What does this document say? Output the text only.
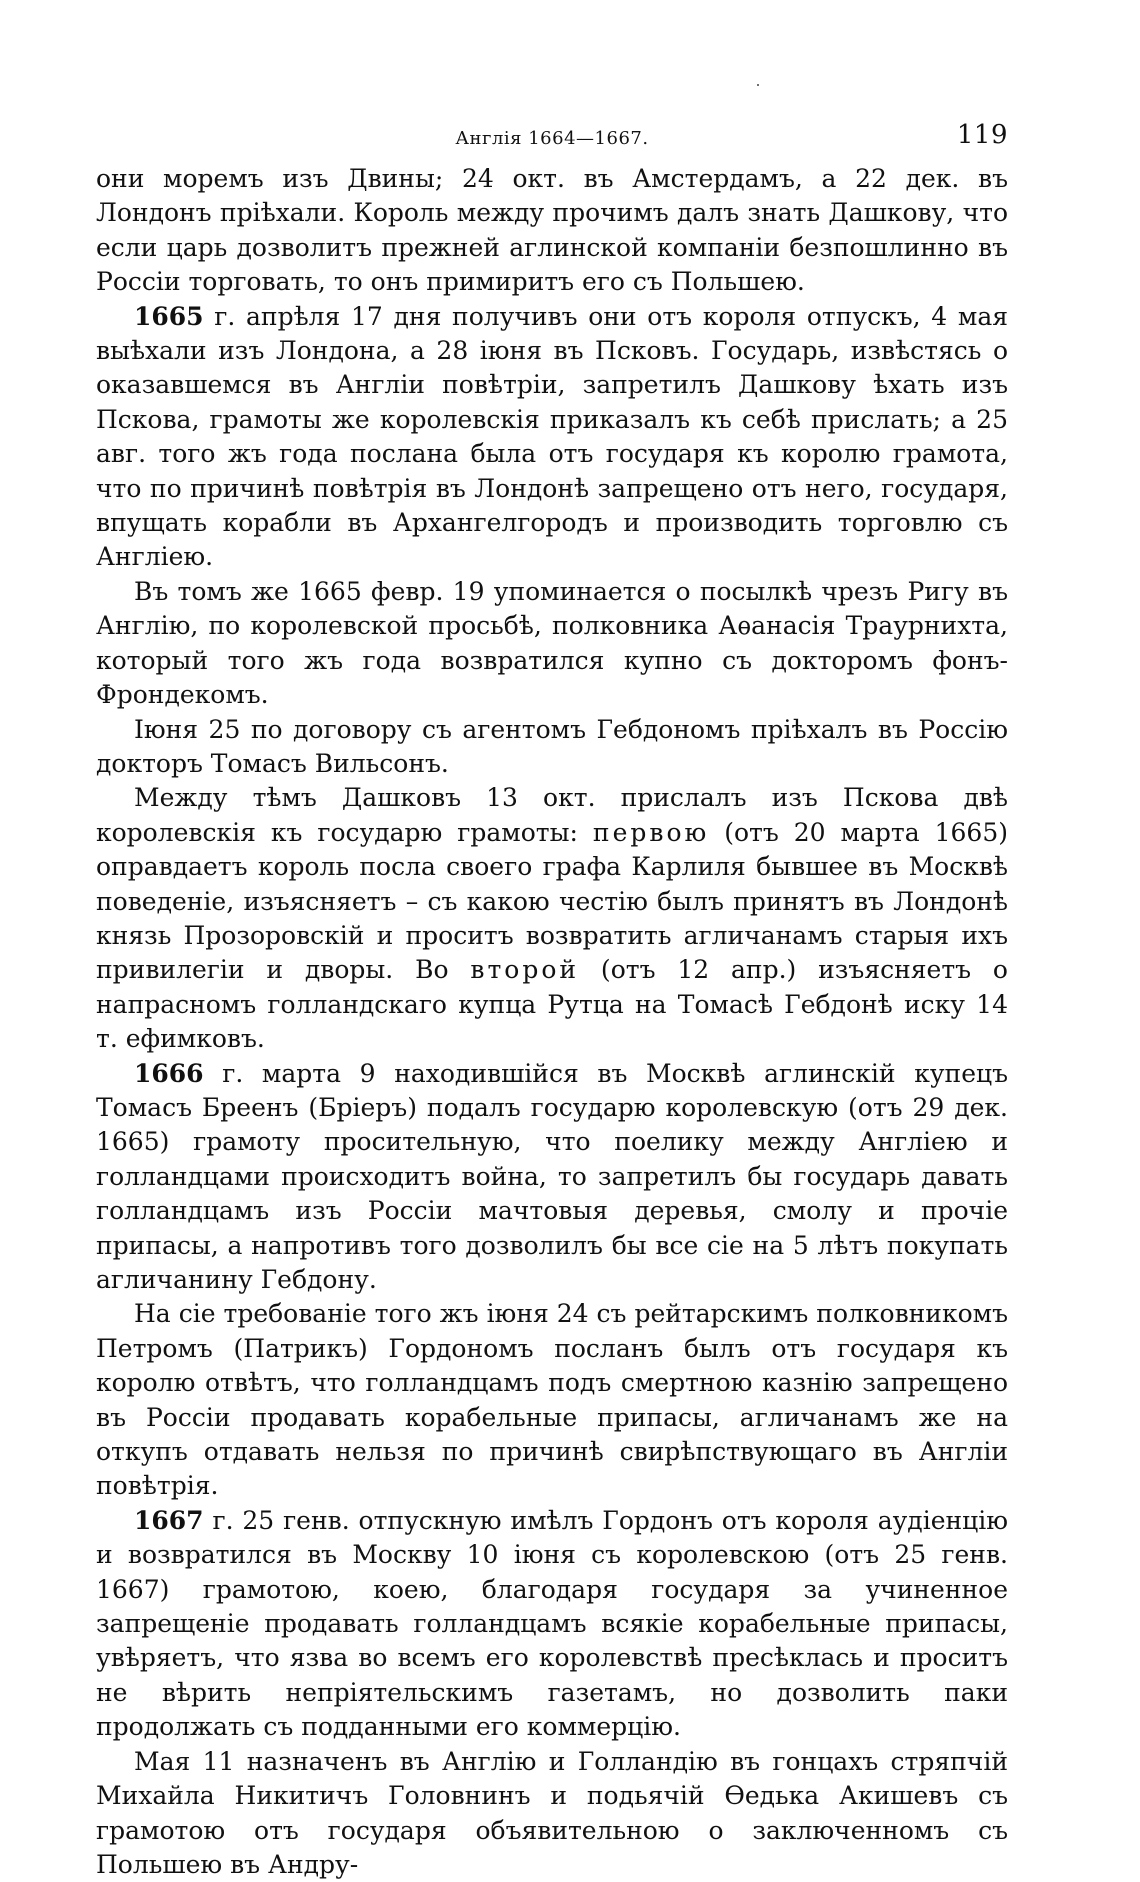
Англія 1664—1667.	119

они моремъ изъ Двины; 24 окт. въ Амстердамъ, а 22 дек. въ Лондонъ пріѣхали. Король между прочимъ далъ знать Дашкову, что если царь дозволитъ прежней аглинской компаніи безпошлинно въ Россіи торговать, то онъ примиритъ его съ Польшею.

1665 г. апрѣля 17 дня получивъ они отъ короля отпускъ, 4 мая выѣхали изъ Лондона, а 28 іюня въ Псковъ. Государь, извѣстясь о оказавшемся въ Англіи повѣтріи, запретилъ Дашкову ѣхать изъ Пскова, грамоты же королевскія приказалъ къ себѣ прислать; а 25 авг. того жъ года послана была отъ государя къ королю грамота, что по причинѣ повѣтрія въ Лондонѣ запрещено отъ него, государя, впущать корабли въ Архангелгородъ и производить торговлю съ Англіею.

Въ томъ же 1665 февр. 19 упоминается о посылкѣ чрезъ Ригу въ Англію, по королевской просьбѣ, полковника Аѳанасія Траурнихта, который того жъ года возвратился купно съ докторомъ фонъ-Фрондекомъ.

Іюня 25 по договору съ агентомъ Гебдономъ пріѣхалъ въ Россію докторъ Томасъ Вильсонъ.

Между тѣмъ Дашковъ 13 окт. прислалъ изъ Пскова двѣ королевскія къ государю грамоты: первою (отъ 20 марта 1665) оправдаетъ король посла своего графа Карлиля бывшее въ Москвѣ поведеніе, изъясняетъ – съ какою честію былъ принятъ въ Лондонѣ князь Прозоровскій и проситъ возвратить агличанамъ старыя ихъ привилегіи и дворы. Во второй (отъ 12 апр.) изъясняетъ о напрасномъ голландскаго купца Рутца на Томасѣ Гебдонѣ иску 14 т. ефимковъ.

1666 г. марта 9 находившійся въ Москвѣ аглинскій купецъ Томасъ Бреенъ (Бріеръ) подалъ государю королевскую (отъ 29 дек. 1665) грамоту просительную, что поелику между Англіею и голландцами происходитъ война, то запретилъ бы государь давать голландцамъ изъ Россіи мачтовыя деревья, смолу и прочіе припасы, а напротивъ того дозволилъ бы все сіе на 5 лѣтъ покупать агличанину Гебдону.

На сіе требованіе того жъ іюня 24 съ рейтарскимъ полковникомъ Петромъ (Патрикъ) Гордономъ посланъ былъ отъ государя къ королю отвѣтъ, что голландцамъ подъ смертною казнію запрещено въ Россіи продавать корабельные припасы, агличанамъ же на откупъ отдавать нельзя по причинѣ свирѣпствующаго въ Англіи повѣтрія.

1667 г. 25 генв. отпускную имѣлъ Гордонъ отъ короля аудіенцію и возвратился въ Москву 10 іюня съ королевскою (отъ 25 генв. 1667) грамотою, коею, благодаря государя за учиненное запрещеніе продавать голландцамъ всякіе корабельные припасы, увѣряетъ, что язва во всемъ его королевствѣ пресѣклась и проситъ не вѣрить непріятельскимъ газетамъ, но дозволить паки продолжать съ подданными его коммерцію.

Мая 11 назначенъ въ Англію и Голландію въ гонцахъ стряпчій Михайла Никитичъ Головнинъ и подьячій Ѳедька Акишевъ съ грамотою отъ государя объявительною о заключенномъ съ Польшею въ Андру-
